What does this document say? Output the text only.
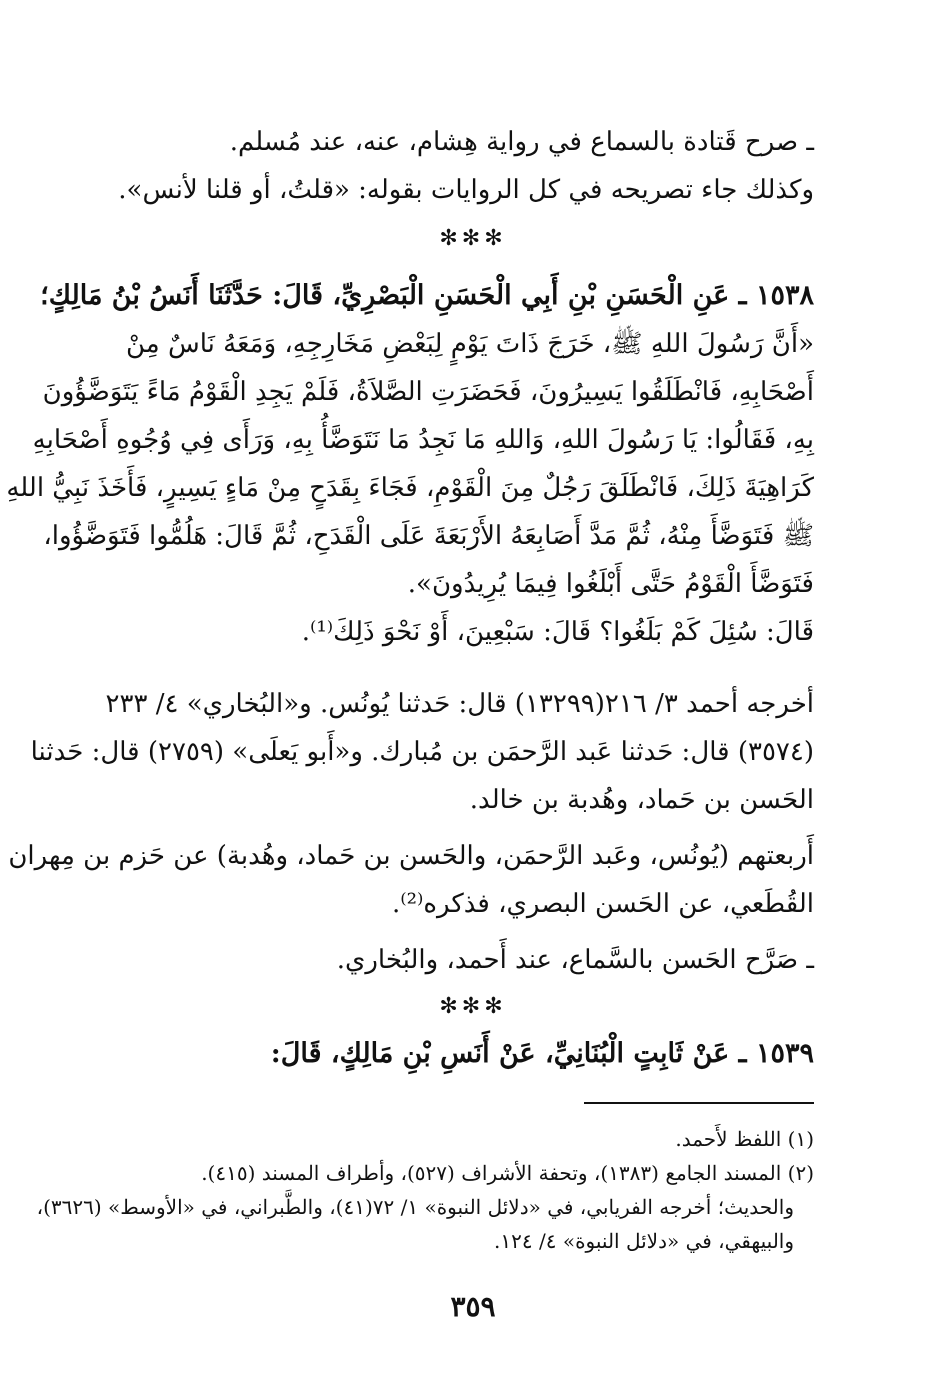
ـ صرح قَتادة بالسماع في رواية هِشام، عنه، عند مُسلم.
وكذلك جاء تصريحه في كل الروايات بقوله: «قلتُ، أو قلنا لأنس».
✻✻✻
١٥٣٨ ـ عَنِ الْحَسَنِ بْنِ أَبِي الْحَسَنِ الْبَصْرِيِّ، قَالَ: حَدَّثَنَا أَنَسُ بْنُ مَالِكٍ؛
«أَنَّ رَسُولَ اللهِ ﷺ، خَرَجَ ذَاتَ يَوْمٍ لِبَعْضِ مَخَارِجِهِ، وَمَعَهُ نَاسٌ مِنْ
أَصْحَابِهِ، فَانْطَلَقُوا يَسِيرُونَ، فَحَضَرَتِ الصَّلاَةُ، فَلَمْ يَجِدِ الْقَوْمُ مَاءً يَتَوَضَّؤُونَ
بِهِ، فَقَالُوا: يَا رَسُولَ اللهِ، وَاللهِ مَا نَجِدُ مَا نَتَوَضَّأُ بِهِ، وَرَأَى فِي وُجُوهِ أَصْحَابِهِ
كَرَاهِيَةَ ذَلِكَ، فَانْطَلَقَ رَجُلٌ مِنَ الْقَوْمِ، فَجَاءَ بِقَدَحٍ مِنْ مَاءٍ يَسِيرٍ، فَأَخَذَ نَبِيُّ اللهِ
ﷺ فَتَوَضَّأَ مِنْهُ، ثُمَّ مَدَّ أَصَابِعَهُ الأَرْبَعَةَ عَلَى الْقَدَحِ، ثُمَّ قَالَ: هَلُمُّوا فَتَوَضَّؤُوا،
فَتَوَضَّأَ الْقَوْمُ حَتَّى أَبْلَغُوا فِيمَا يُرِيدُونَ».
قَالَ: سُئِلَ كَمْ بَلَغُوا؟ قَالَ: سَبْعِينَ، أَوْ نَحْوَ ذَلِكَ⁽¹⁾.
أخرجه أحمد ٣/ ٢١٦(١٣٢٩٩) قال: حَدثنا يُونُس. و«البُخاري» ٤/ ٢٣٣
(٣٥٧٤) قال: حَدثنا عَبد الرَّحمَن بن مُبارك. و«أَبو يَعلَى» (٢٧٥٩) قال: حَدثنا
الحَسن بن حَماد، وهُدبة بن خالد.
أَربعتهم (يُونُس، وعَبد الرَّحمَن، والحَسن بن حَماد، وهُدبة) عن حَزم بن مِهران
القُطَعي، عن الحَسن البصري، فذكره⁽²⁾.
ـ صَرَّح الحَسن بالسَّماع، عند أَحمد، والبُخاري.
✻✻✻
١٥٣٩ ـ عَنْ ثَابِتٍ الْبُنَانِيِّ، عَنْ أَنَسِ بْنِ مَالِكٍ، قَالَ:
(١) اللفظ لأَحمد.
(٢) المسند الجامع (١٣٨٣)، وتحفة الأشراف (٥٢٧)، وأطراف المسند (٤١٥).
والحديث؛ أخرجه الفريابي، في «دلائل النبوة» ١/ ٧٢(٤١)، والطَّبراني، في «الأوسط» (٣٦٢٦)،
والبيهقي، في «دلائل النبوة» ٤/ ١٢٤.
٣٥٩
